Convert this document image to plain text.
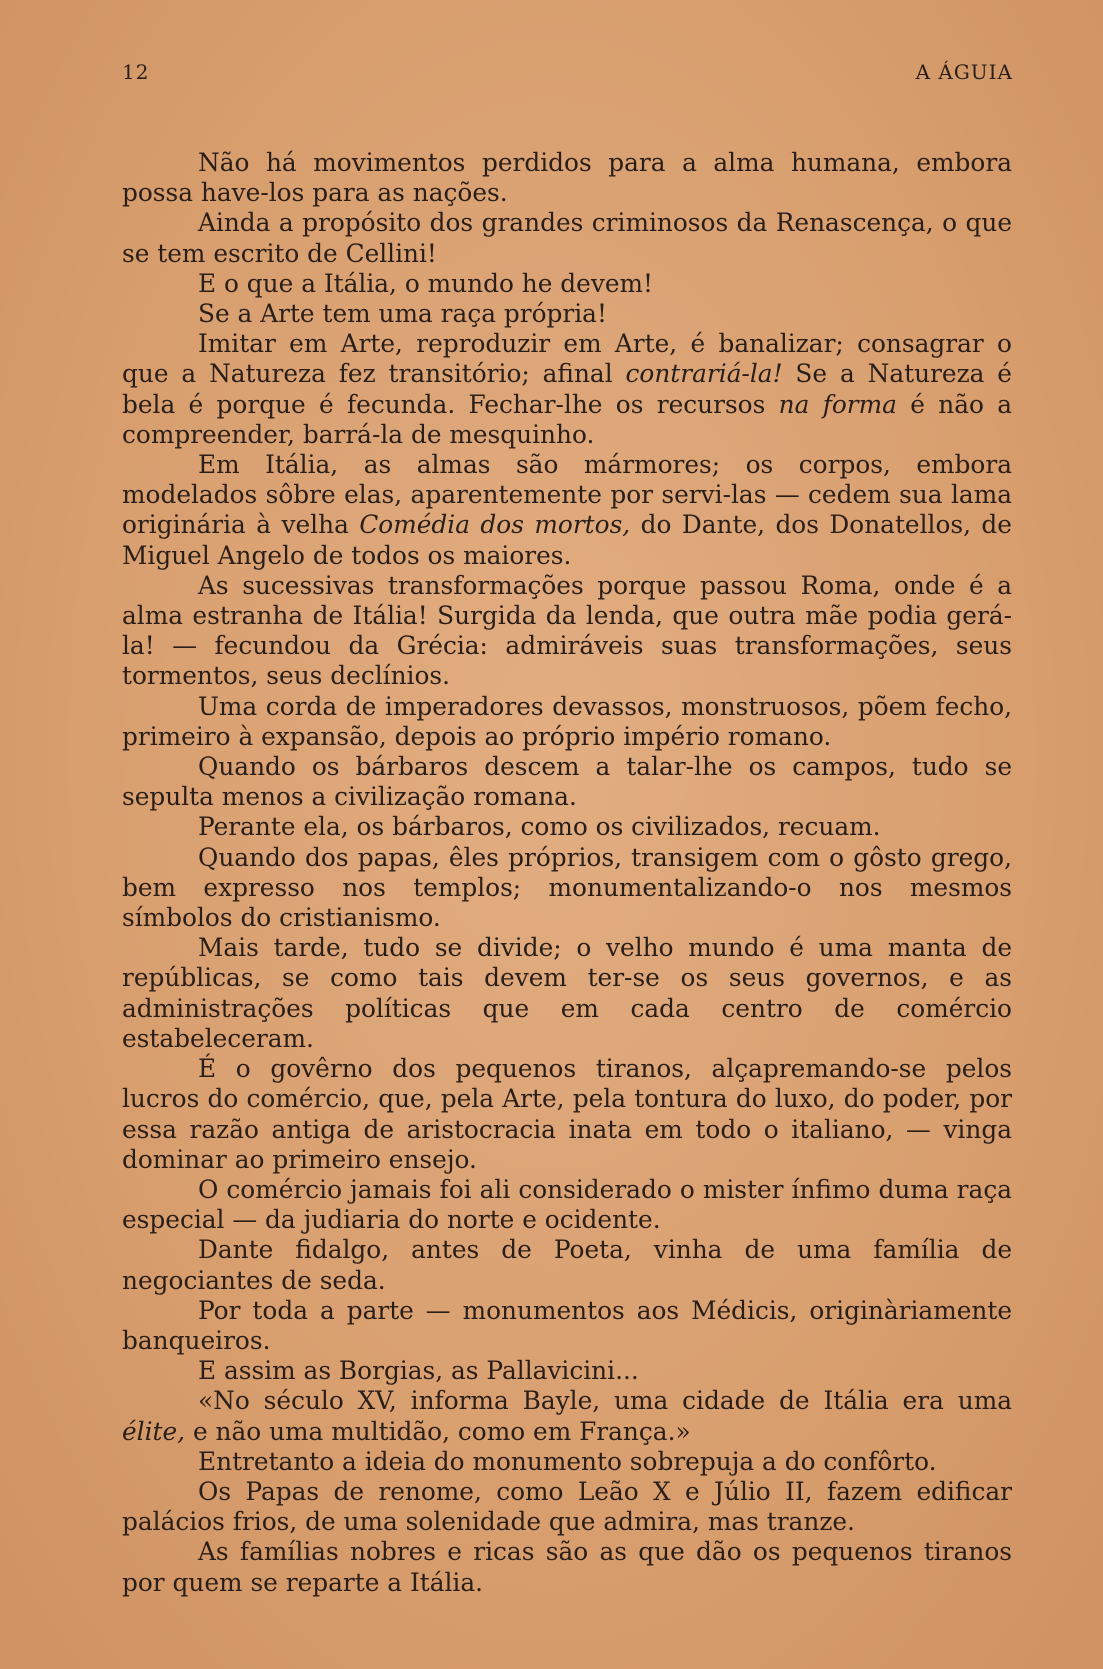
12	A ÁGUIA

Não há movimentos perdidos para a alma humana, embora possa have-los para as nações.

Ainda a propósito dos grandes criminosos da Renascença, o que se tem escrito de Cellini!

E o que a Itália, o mundo he devem!

Se a Arte tem uma raça própria!

Imitar em Arte, reproduzir em Arte, é banalizar; consagrar o que a Natureza fez transitório; afinal contrariá-la! Se a Natureza é bela é porque é fecunda. Fechar-lhe os recursos na forma é não a compreender, barrá-la de mesquinho.

Em Itália, as almas são mármores; os corpos, embora modelados sôbre elas, aparentemente por servi-las — cedem sua lama originária à velha Comédia dos mortos, do Dante, dos Donatellos, de Miguel Angelo de todos os maiores.

As sucessivas transformações porque passou Roma, onde é a alma estranha de Itália! Surgida da lenda, que outra mãe podia gerá-la! — fecundou da Grécia: admiráveis suas transformações, seus tormentos, seus declínios.

Uma corda de imperadores devassos, monstruosos, põem fecho, primeiro à expansão, depois ao próprio império romano.

Quando os bárbaros descem a talar-lhe os campos, tudo se sepulta menos a civilização romana.

Perante ela, os bárbaros, como os civilizados, recuam.

Quando dos papas, êles próprios, transigem com o gôsto grego, bem expresso nos templos; monumentalizando-o nos mesmos símbolos do cristianismo.

Mais tarde, tudo se divide; o velho mundo é uma manta de repúblicas, se como tais devem ter-se os seus governos, e as administrações políticas que em cada centro de comércio estabeleceram.

É o govêrno dos pequenos tiranos, alçapremando-se pelos lucros do comércio, que, pela Arte, pela tontura do luxo, do poder, por essa razão antiga de aristocracia inata em todo o italiano, — vinga dominar ao primeiro ensejo.

O comércio jamais foi ali considerado o mister ínfimo duma raça especial — da judiaria do norte e ocidente.

Dante fidalgo, antes de Poeta, vinha de uma família de negociantes de seda.

Por toda a parte — monumentos aos Médicis, originàriamente banqueiros.

E assim as Borgias, as Pallavicini...

«No século XV, informa Bayle, uma cidade de Itália era uma élite, e não uma multidão, como em França.»

Entretanto a ideia do monumento sobrepuja a do confôrto.

Os Papas de renome, como Leão X e Júlio II, fazem edificar palácios frios, de uma solenidade que admira, mas tranze.

As famílias nobres e ricas são as que dão os pequenos tiranos por quem se reparte a Itália.
